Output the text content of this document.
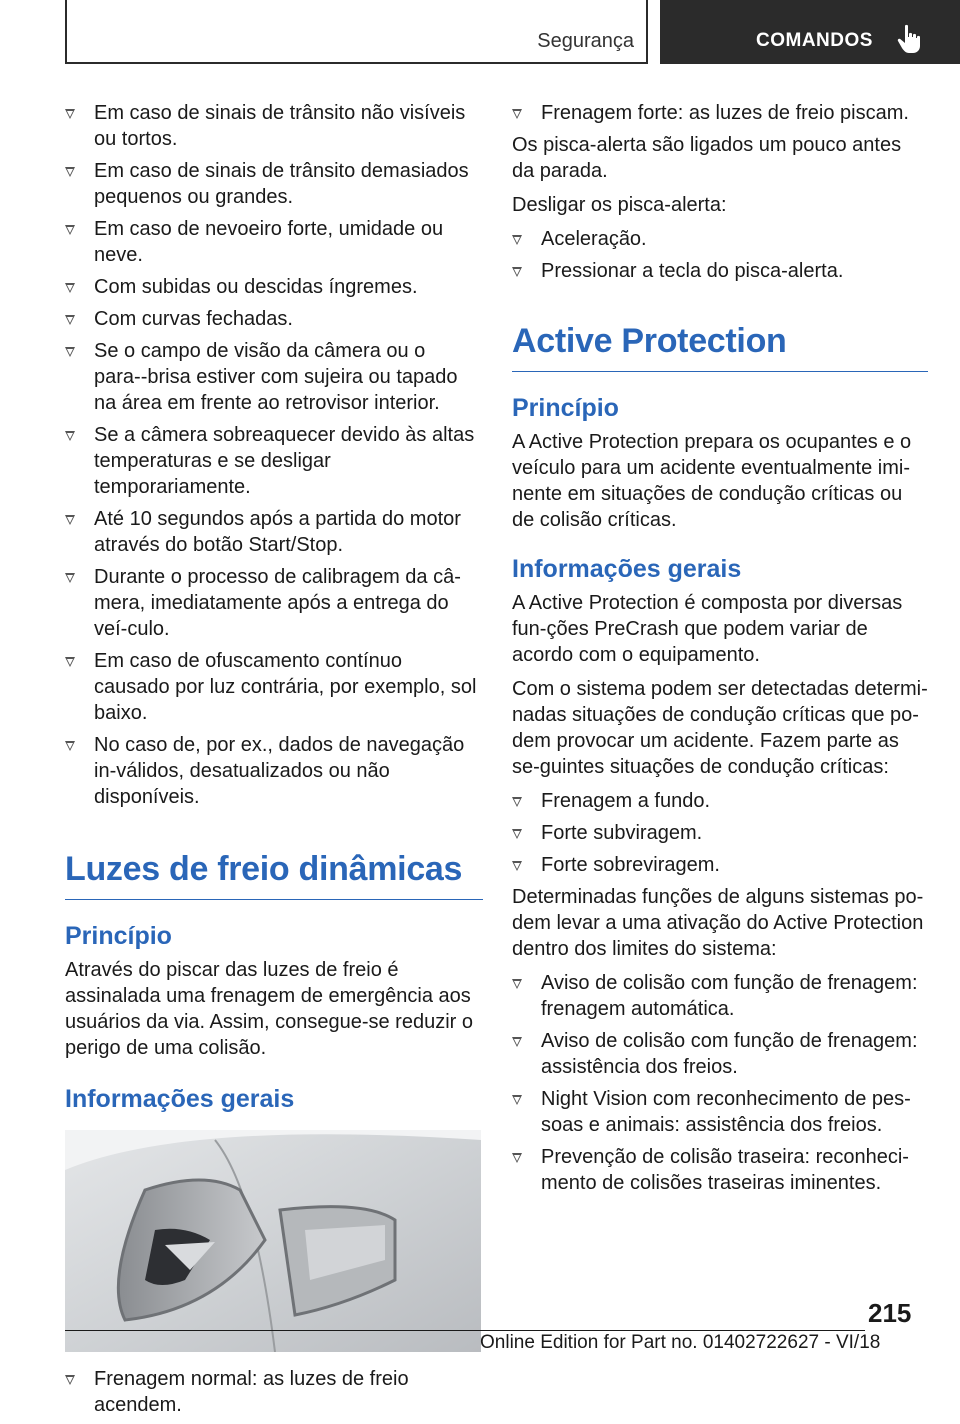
Segurança	COMANDOS
Em caso de sinais de trânsito não visíveis ou tortos.
Em caso de sinais de trânsito demasiados pequenos ou grandes.
Em caso de nevoeiro forte, umidade ou neve.
Com subidas ou descidas íngremes.
Com curvas fechadas.
Se o campo de visão da câmera ou o para-‐brisa estiver com sujeira ou tapado na área em frente ao retrovisor interior.
Se a câmera sobreaquecer devido às altas temperaturas e se desligar temporariamente.
Até 10 segundos após a partida do motor através do botão Start/Stop.
Durante o processo de calibragem da câ‐mera, imediatamente após a entrega do veí‐culo.
Em caso de ofuscamento contínuo causado por luz contrária, por exemplo, sol baixo.
No caso de, por ex., dados de navegação in‐válidos, desatualizados ou não disponíveis.
Luzes de freio dinâmicas
Princípio

Através do piscar das luzes de freio é assinalada uma frenagem de emergência aos usuários da via. Assim, consegue-se reduzir o perigo de uma colisão.

Informações gerais
Frenagem normal: as luzes de freio acendem.
Frenagem forte: as luzes de freio piscam.

Os pisca-alerta são ligados um pouco antes da parada.

Desligar os pisca-alerta:

Aceleração.
Pressionar a tecla do pisca-alerta.
Active Protection
Princípio

A Active Protection prepara os ocupantes e o veículo para um acidente eventualmente imi‐nente em situações de condução críticas ou de colisão críticas.

Informações gerais

A Active Protection é composta por diversas fun‐ções PreCrash que podem variar de acordo com o equipamento.

Com o sistema podem ser detectadas determi‐nadas situações de condução críticas que po‐dem provocar um acidente. Fazem parte as se‐guintes situações de condução críticas:

Frenagem a fundo.
Forte subviragem.
Forte sobreviragem.

Determinadas funções de alguns sistemas po‐dem levar a uma ativação do Active Protection dentro dos limites do sistema:

Aviso de colisão com função de frenagem: frenagem automática.
Aviso de colisão com função de frenagem: assistência dos freios.
Night Vision com reconhecimento de pes‐soas e animais: assistência dos freios.
Prevenção de colisão traseira: reconheci‐mento de colisões traseiras iminentes.
215
Online Edition for Part no. 01402722627 - VI/18
